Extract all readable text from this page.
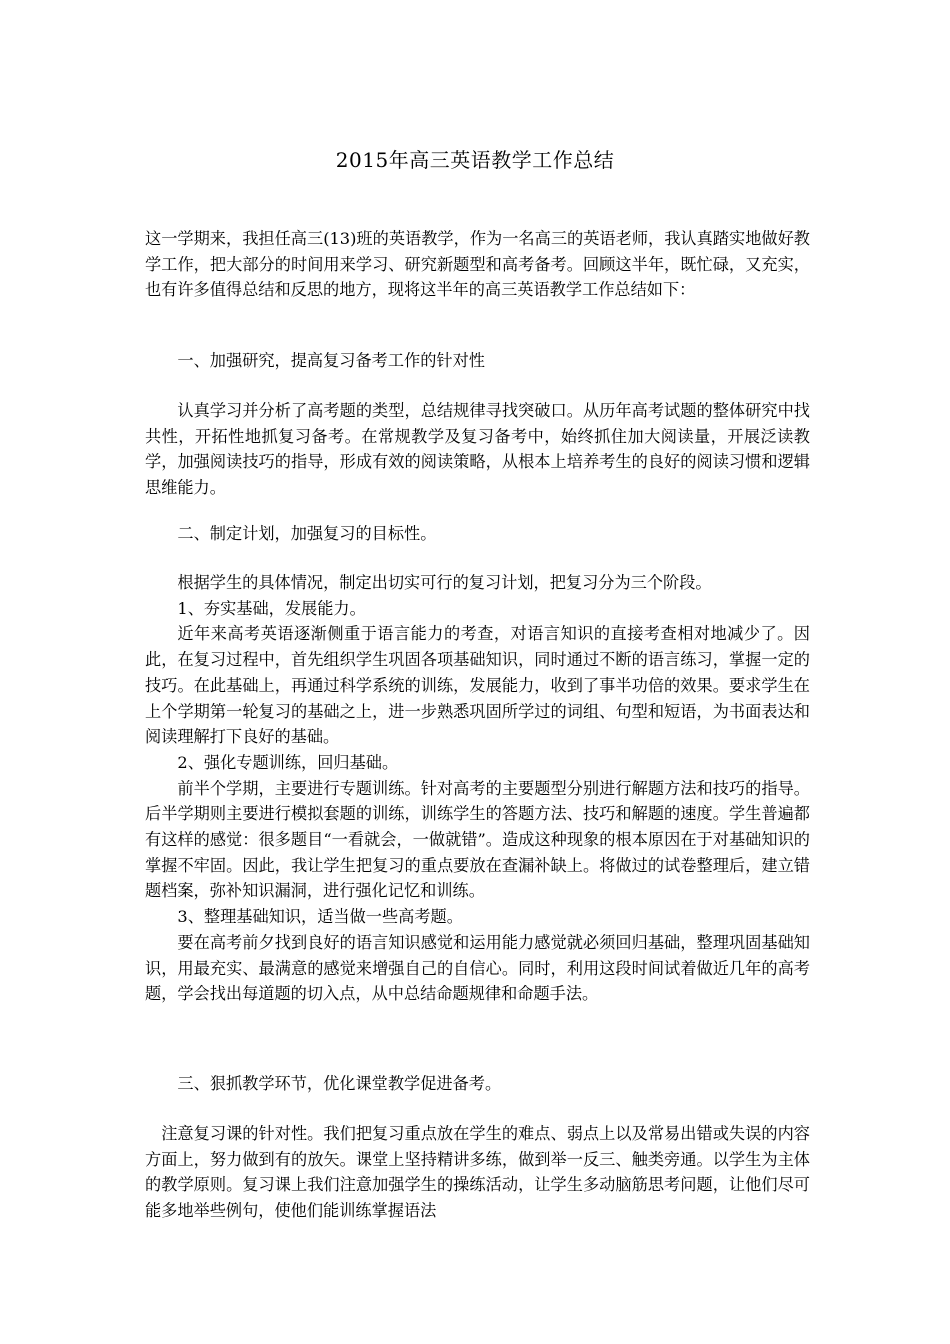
2015年高三英语教学工作总结
这一学期来，我担任高三(13)班的英语教学，作为一名高三的英语老师，我认真踏实地做好教学工作，把大部分的时间用来学习、研究新题型和高考备考。回顾这半年，既忙碌，又充实，也有许多值得总结和反思的地方，现将这半年的高三英语教学工作总结如下：
一、加强研究，提高复习备考工作的针对性
认真学习并分析了高考题的类型，总结规律寻找突破口。从历年高考试题的整体研究中找共性，开拓性地抓复习备考。在常规教学及复习备考中，始终抓住加大阅读量，开展泛读教学，加强阅读技巧的指导，形成有效的阅读策略，从根本上培养考生的良好的阅读习惯和逻辑思维能力。
二、制定计划，加强复习的目标性。

根据学生的具体情况，制定出切实可行的复习计划，把复习分为三个阶段。

1、夯实基础，发展能力。

近年来高考英语逐渐侧重于语言能力的考查，对语言知识的直接考查相对地减少了。因此，在复习过程中，首先组织学生巩固各项基础知识，同时通过不断的语言练习，掌握一定的技巧。在此基础上，再通过科学系统的训练，发展能力，收到了事半功倍的效果。要求学生在上个学期第一轮复习的基础之上，进一步熟悉巩固所学过的词组、句型和短语，为书面表达和阅读理解打下良好的基础。

2、强化专题训练，回归基础。

前半个学期，主要进行专题训练。针对高考的主要题型分别进行解题方法和技巧的指导。后半学期则主要进行模拟套题的训练，训练学生的答题方法、技巧和解题的速度。学生普遍都有这样的感觉：很多题目“一看就会，一做就错”。造成这种现象的根本原因在于对基础知识的掌握不牢固。因此，我让学生把复习的重点要放在查漏补缺上。将做过的试卷整理后，建立错题档案，弥补知识漏洞，进行强化记忆和训练。

3、整理基础知识，适当做一些高考题。

要在高考前夕找到良好的语言知识感觉和运用能力感觉就必须回归基础，整理巩固基础知识，用最充实、最满意的感觉来增强自己的自信心。同时，利用这段时间试着做近几年的高考题，学会找出每道题的切入点，从中总结命题规律和命题手法。

三、狠抓教学环节，优化课堂教学促进备考。
注意复习课的针对性。我们把复习重点放在学生的难点、弱点上以及常易出错或失误的内容方面上，努力做到有的放矢。课堂上坚持精讲多练，做到举一反三、触类旁通。以学生为主体的教学原则。复习课上我们注意加强学生的操练活动，让学生多动脑筋思考问题，让他们尽可能多地举些例句，使他们能训练掌握语法
